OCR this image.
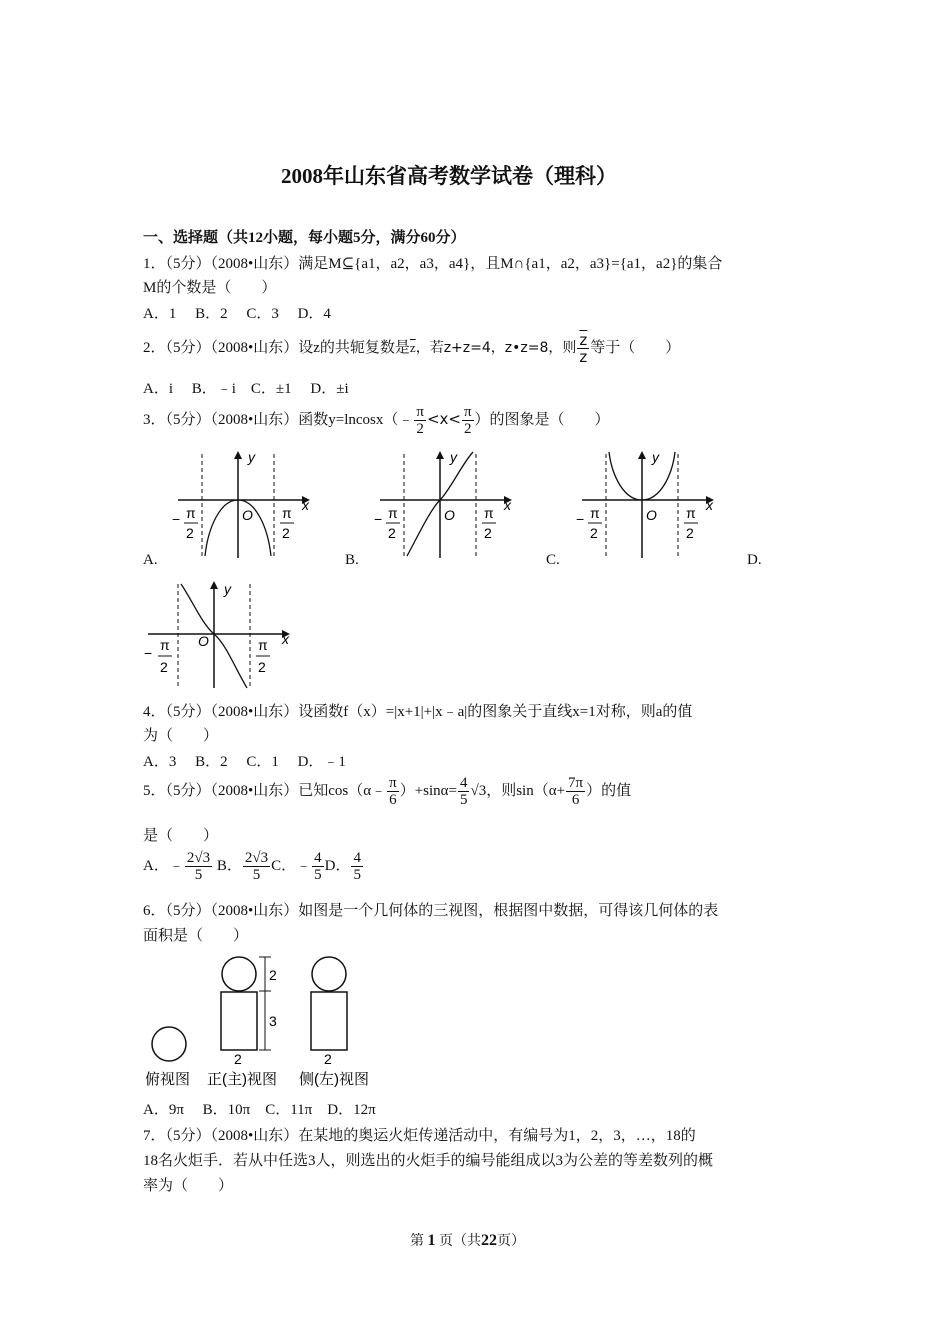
2008年山东省高考数学试卷（理科）
一、选择题（共12小题，每小题5分，满分60分）
1．（5分）（2008•山东）满足M⊆{a1，a2，a3，a4}，且M∩{a1，a2，a3}={a1，a2}的集合
M的个数是（　　）
A．1　 B．2　 C．3　 D．4
2．（5分）（2008•山东）设z的共轭复数是$\overline{z}$，若z+z=4，z•z=8，则 $\frac{\overline{z}}{z}$ 等于（　　）
A．i　 B．﹣i　C．±1　 D．±i
3．（5分）（2008•山东）函数y=lncosx（﹣ $\frac{\pi}{2} <x< \frac{\pi}{2}$ ）的图象是（　　）
y
x
O
− π
2
π
2
y
x
O
− π
2
π
2
y
x
O
− π
2
π
2
A.	B.	C.	D.
y
x
O
− π
2
π
2
4．（5分）（2008•山东）设函数f（x）=|x+1|+|x﹣a|的图象关于直线x=1对称，则a的值
为（　　）
A．3　 B．2　 C．1　 D．﹣1
5．（5分）（2008•山东）已知cos（α﹣ $\frac{\pi}{6} )+\sin\alpha= \frac{4}{5} √3$，则$\sin(\alpha+ \frac{7\pi}{6}$ ）的值
是（　　）
A．﹣ $\frac{2√3}{5}$ B． $\frac{2√3}{5}$ C．﹣ $\frac{4}{5}$ D． $\frac{4}{5}$
6．（5分）（2008•山东）如图是一个几何体的三视图，根据图中数据，可得该几何体的表
面积是（　　）
2
3
2	2
俯视图 正(主)视图 侧(左)视图
A．9π　 B．10π　C．11π　D．12π
7．（5分）（2008•山东）在某地的奥运火炬传递活动中，有编号为1，2，3，…，18的
18名火炬手．若从中任选3人，则选出的火炬手的编号能组成以3为公差的等差数列的概
率为（　　）
第 1 页（共22页）
